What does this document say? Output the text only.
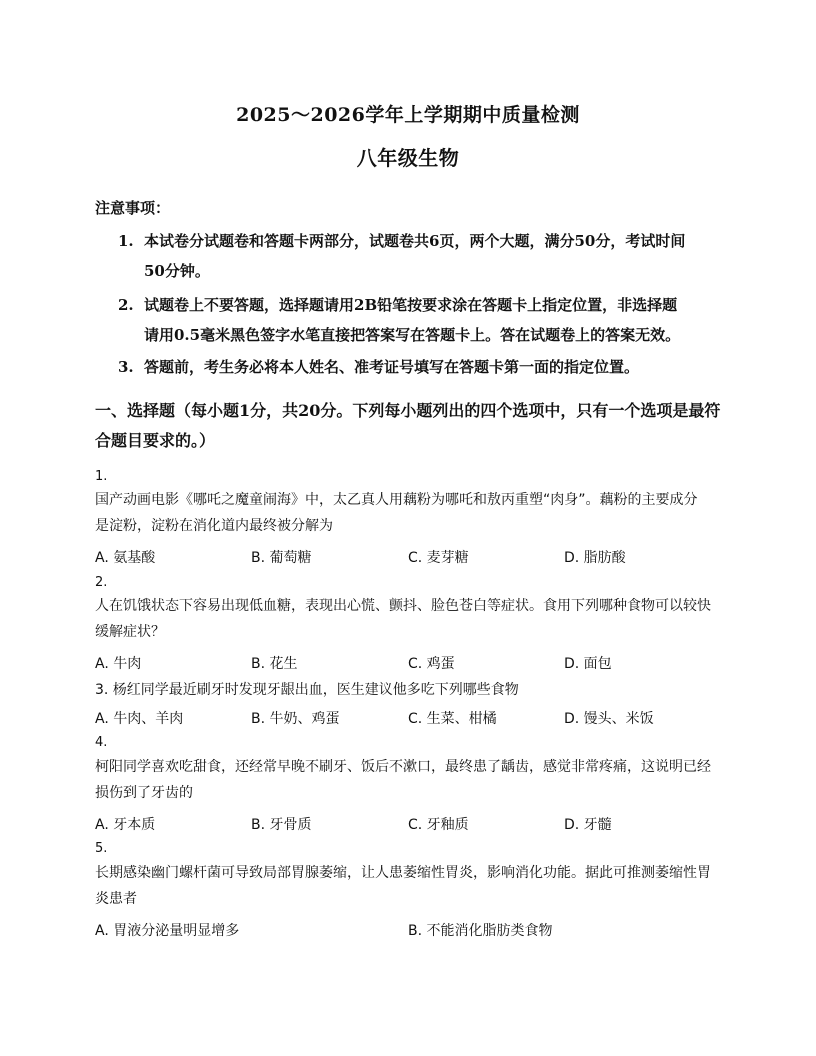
2025～2026学年上学期期中质量检测
八年级生物
注意事项：
1. 本试卷分试题卷和答题卡两部分，试题卷共6页，两个大题，满分50分，考试时间
50分钟。
2. 试题卷上不要答题，选择题请用2B铅笔按要求涂在答题卡上指定位置，非选择题
请用0.5毫米黑色签字水笔直接把答案写在答题卡上。答在试题卷上的答案无效。
3. 答题前，考生务必将本人姓名、准考证号填写在答题卡第一面的指定位置。
一、选择题（每小题1分，共20分。下列每小题列出的四个选项中，只有一个选项是最符
合题目要求的。）
1.
国产动画电影《哪吒之魔童闹海》中，太乙真人用藕粉为哪吒和敖丙重塑“肉身”。藕粉的主要成分
是淀粉，淀粉在消化道内最终被分解为
A. 氨基酸	B. 葡萄糖	C. 麦芽糖	D. 脂肪酸
2.
人在饥饿状态下容易出现低血糖，表现出心慌、颤抖、脸色苍白等症状。食用下列哪种食物可以较快
缓解症状？
A. 牛肉	B. 花生	C. 鸡蛋	D. 面包
3. 杨红同学最近刷牙时发现牙龈出血，医生建议他多吃下列哪些食物
A. 牛肉、羊肉	B. 牛奶、鸡蛋	C. 生菜、柑橘	D. 馒头、米饭
4.
柯阳同学喜欢吃甜食，还经常早晚不刷牙、饭后不漱口，最终患了龋齿，感觉非常疼痛，这说明已经
损伤到了牙齿的
A. 牙本质	B. 牙骨质	C. 牙釉质	D. 牙髓
5.
长期感染幽门螺杆菌可导致局部胃腺萎缩，让人患萎缩性胃炎，影响消化功能。据此可推测萎缩性胃
炎患者
A. 胃液分泌量明显增多	B. 不能消化脂肪类食物
